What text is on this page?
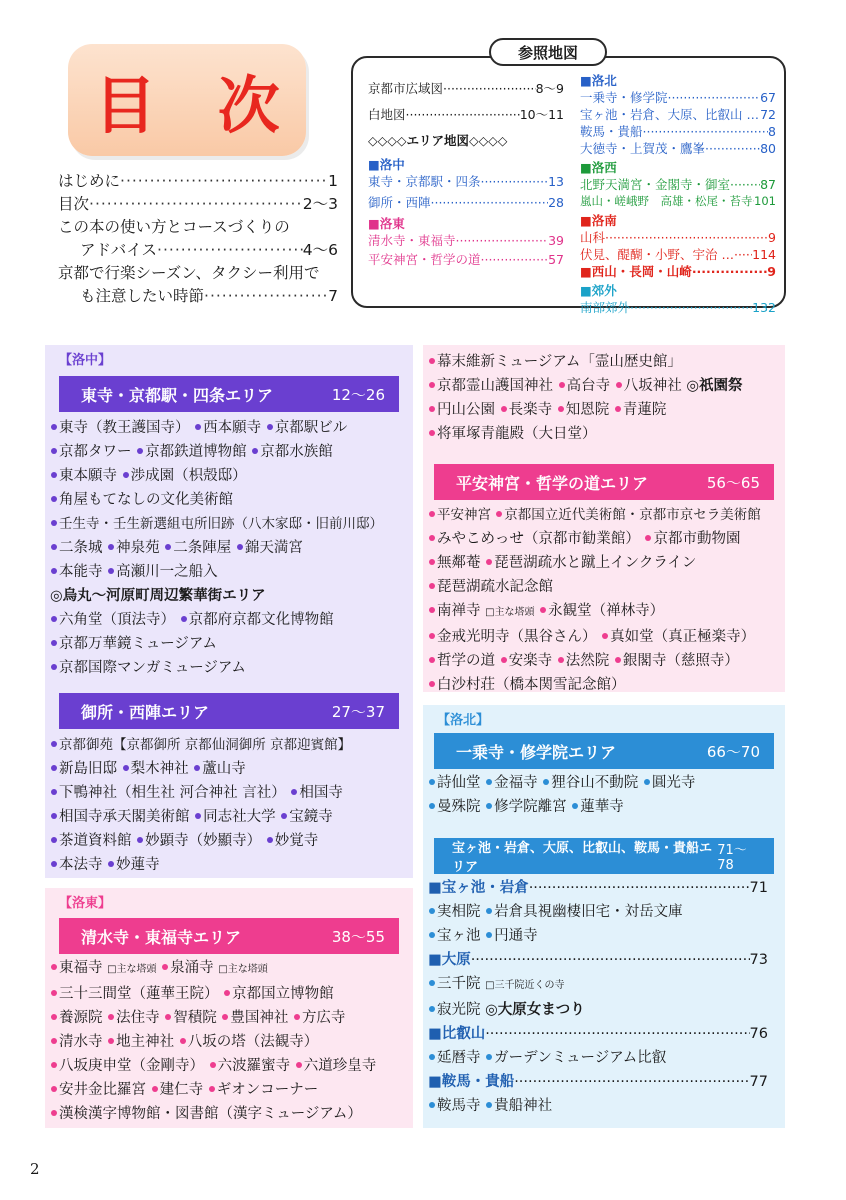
目 次
はじめに ·····	1
目次 ·····	2～3
この本の使い方とコースづくりの
アドバイス ·····	4～6
京都で行楽シーズン、タクシー利用で
も注意したい時節 ·····	7
参照地図
京都市広域図 ·····	8～9
白地図 ·····	10～11
◇◇◇◇エリア地図◇◇◇◇
■洛中
東寺・京都駅・四条 ·····	13
御所・西陣 ·····	28
■洛東
清水寺・東福寺 ·····	39
平安神宮・哲学の道 ·····	57
■洛北
一乗寺・修学院 ·····	67
宝ヶ池・岩倉、大原、比叡山 … ····· 72
鞍馬・貴船 ·····	8
大徳寺・上賀茂・鷹峯 ·····	80
■洛西
北野天満宮・金閣寺・御室 ····· 87
嵐山・嵯峨野　高雄・松尾・苔寺 ····· 101
■洛南
山科 ·····	9
伏見、醍醐・小野、宇治 … ····· 114
■西山・長岡・山崎 ·····	9
■郊外
南部郊外 ·····	132
【洛中】
東寺・京都駅・四条エリア	12～26
東寺（教王護国寺） 西本願寺 京都駅ビル
京都タワー 京都鉄道博物館 京都水族館
東本願寺 渉成園（枳殻邸）
角屋もてなしの文化美術館
壬生寺・壬生新選組屯所旧跡（八木家邸・旧前川邸）
二条城 神泉苑 二条陣屋 錦天満宮
本能寺 高瀬川一之船入
◎烏丸～河原町周辺繁華街エリア
六角堂（頂法寺） 京都府京都文化博物館
京都万華鏡ミュージアム
京都国際マンガミュージアム
御所・西陣エリア	27～37
京都御苑【京都御所 京都仙洞御所 京都迎賓館】
新島旧邸 梨木神社 蘆山寺
下鴨神社（相生社 河合神社 言社） 相国寺
相国寺承天閣美術館 同志社大学 宝鏡寺
茶道資料館 妙顕寺（妙顯寺） 妙覚寺
本法寺 妙蓮寺
【洛東】
清水寺・東福寺エリア	38～55
東福寺 □主な塔頭 泉涌寺 □主な塔頭
三十三間堂（蓮華王院） 京都国立博物館
養源院 法住寺 智積院 豊国神社 方広寺
清水寺 地主神社 八坂の塔（法観寺）
八坂庚申堂（金剛寺） 六波羅蜜寺 六道珍皇寺
安井金比羅宮 建仁寺 ギオンコーナー
漢検漢字博物館・図書館（漢字ミュージアム）
幕末維新ミュージアム「霊山歴史館」
京都霊山護国神社 高台寺 八坂神社 ◎祇園祭
円山公園 長楽寺 知恩院 青蓮院
将軍塚青龍殿（大日堂）
平安神宮・哲学の道エリア	56～65
平安神宮 京都国立近代美術館・京都市京セラ美術館
みやこめっせ（京都市勧業館） 京都市動物園
無鄰菴 琵琶湖疏水と蹴上インクライン
琵琶湖疏水記念館
南禅寺 □主な塔頭 永観堂（禅林寺）
金戒光明寺（黒谷さん） 真如堂（真正極楽寺）
哲学の道 安楽寺 法然院 銀閣寺（慈照寺）
白沙村荘（橋本関雪記念館）
【洛北】
一乗寺・修学院エリア	66～70
詩仙堂 金福寺 狸谷山不動院 圓光寺
曼殊院 修学院離宮 蓮華寺
宝ヶ池・岩倉、大原、比叡山、鞍馬・貴船エリア
71～78
■宝ヶ池・岩倉 ·····	71
実相院 岩倉具視幽棲旧宅・対岳文庫
宝ヶ池 円通寺
■大原 ·····	73
三千院 □三千院近くの寺
寂光院 ◎大原女まつり
■比叡山 ·····	76
延暦寺 ガーデンミュージアム比叡
■鞍馬・貴船 ·····	77
鞍馬寺 貴船神社
2
